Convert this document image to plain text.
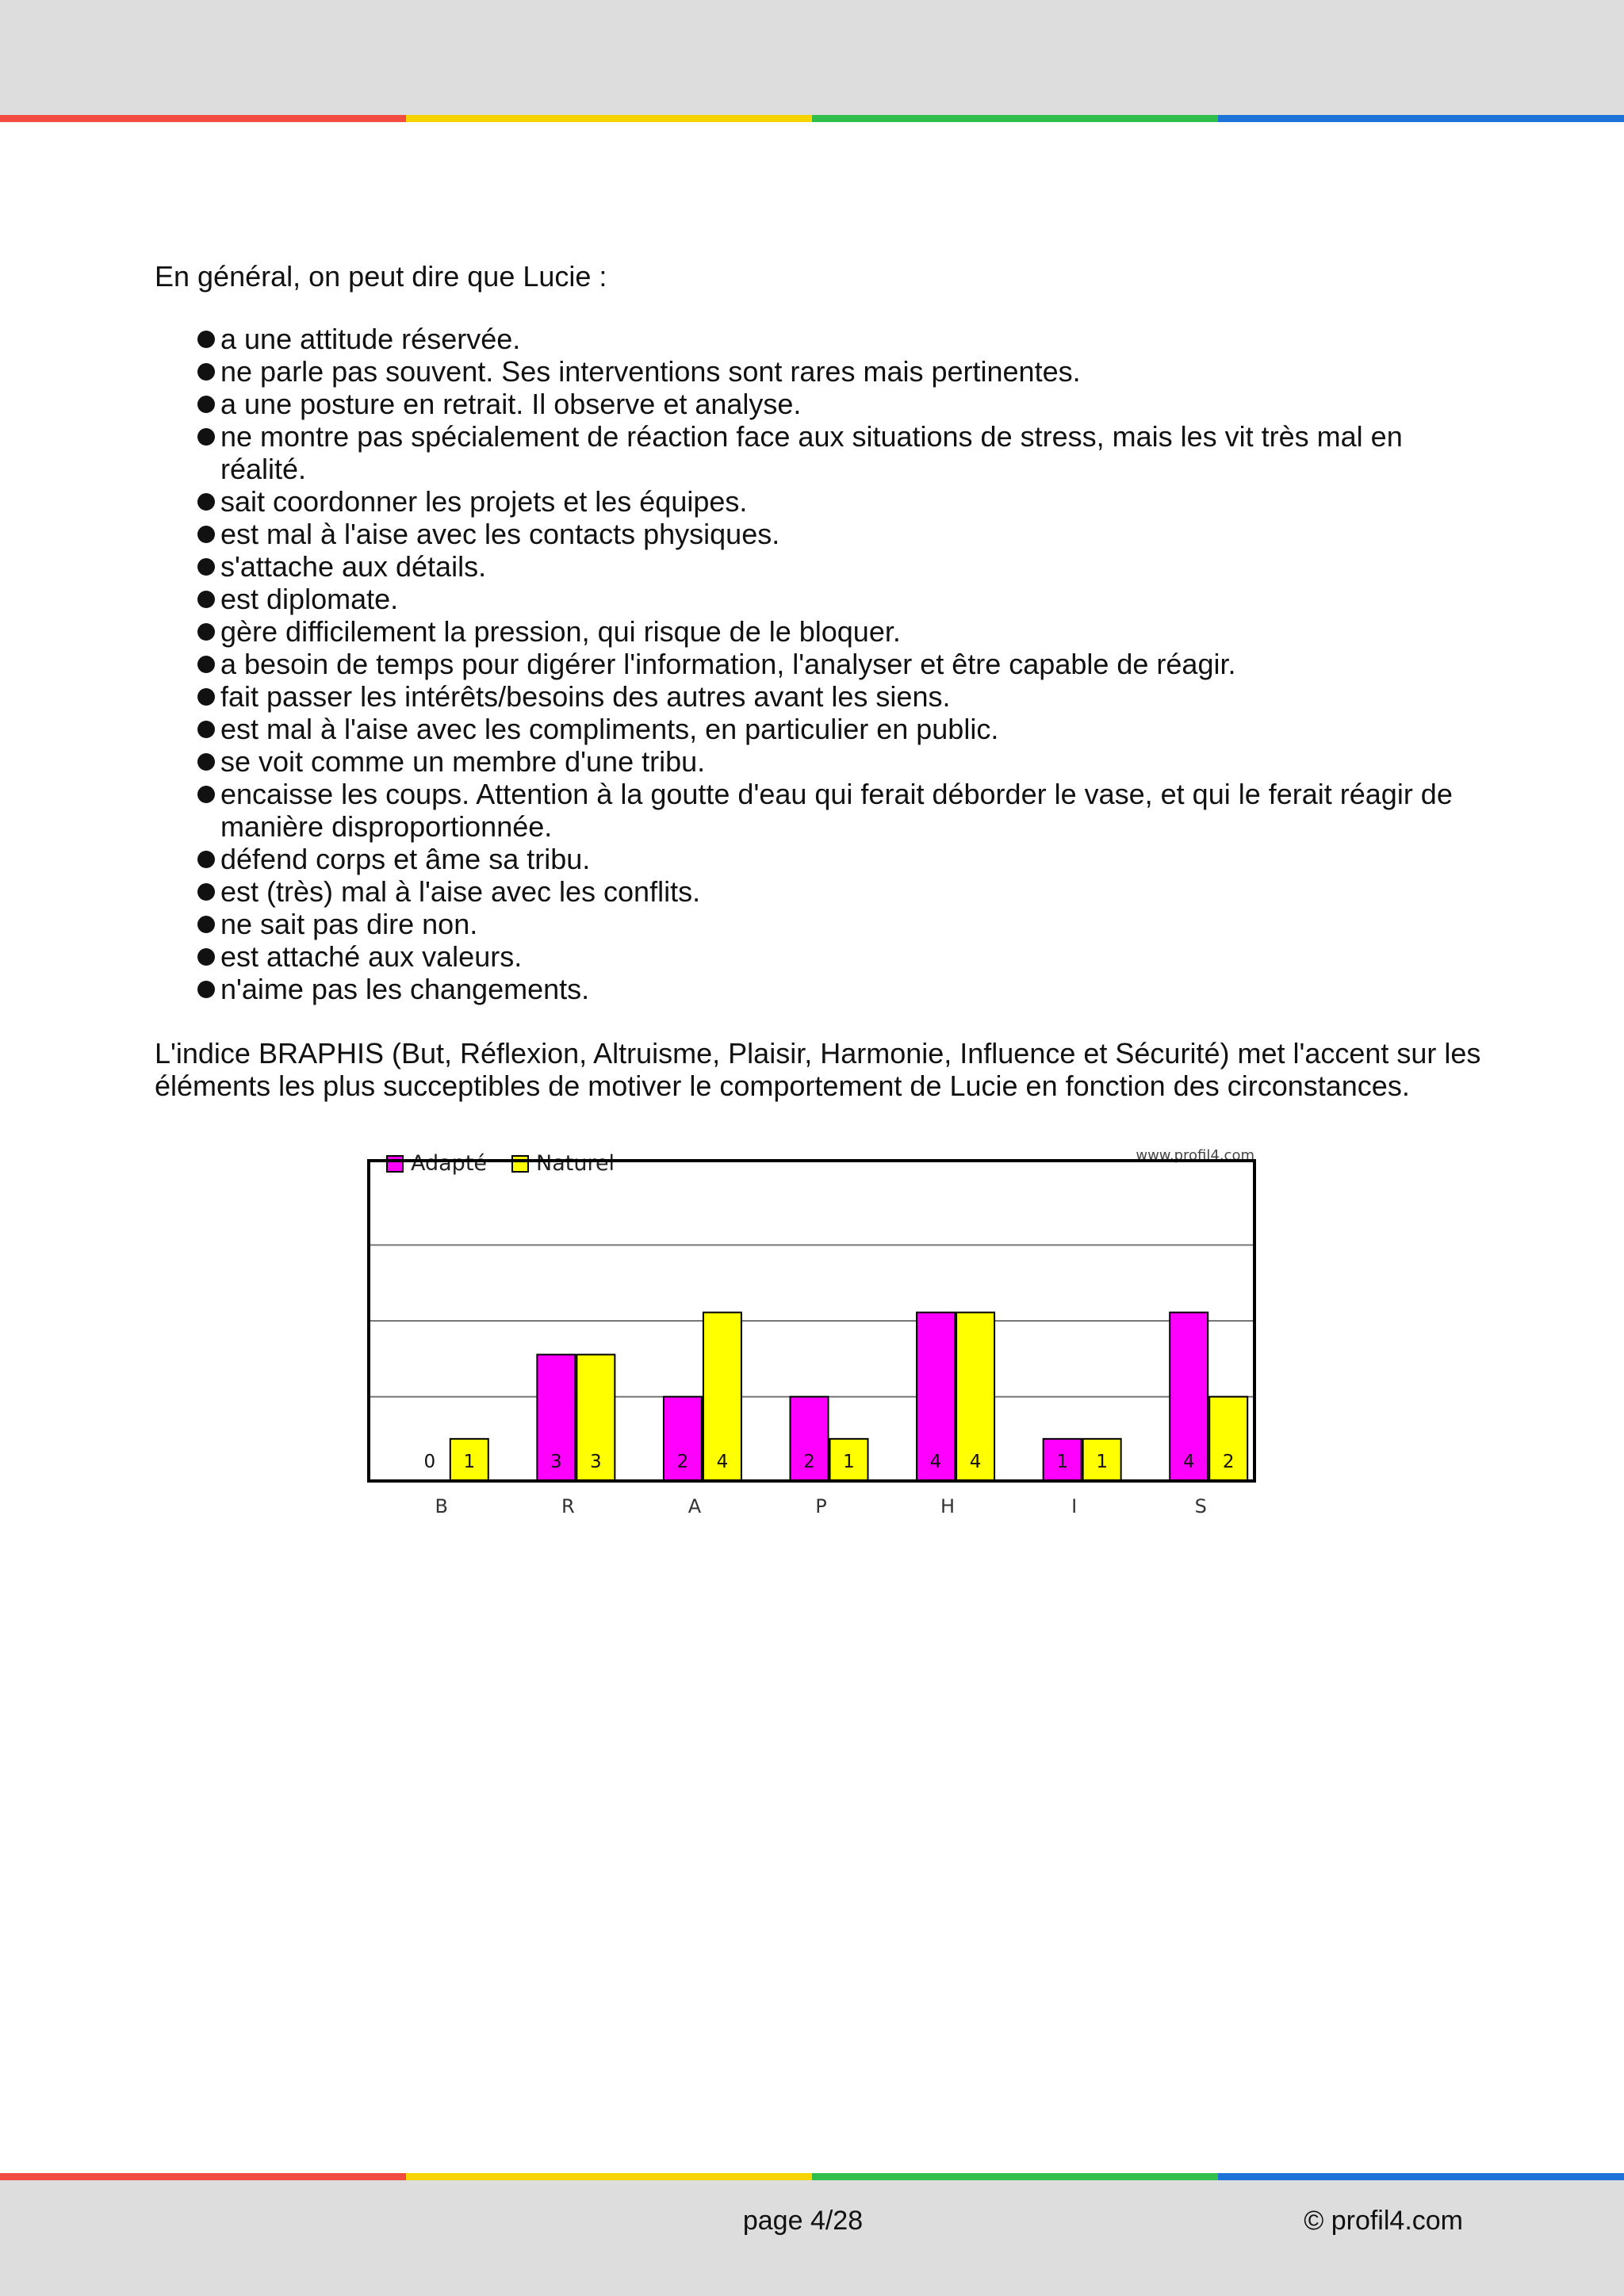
En général, on peut dire que Lucie :

a une attitude réservée.
ne parle pas souvent. Ses interventions sont rares mais pertinentes.
a une posture en retrait. Il observe et analyse.
ne montre pas spécialement de réaction face aux situations de stress, mais les vit très mal en réalité.
sait coordonner les projets et les équipes.
est mal à l'aise avec les contacts physiques.
s'attache aux détails.
est diplomate.
gère difficilement la pression, qui risque de le bloquer.
a besoin de temps pour digérer l'information, l'analyser et être capable de réagir.
fait passer les intérêts/besoins des autres avant les siens.
est mal à l'aise avec les compliments, en particulier en public.
se voit comme un membre d'une tribu.
encaisse les coups. Attention à la goutte d'eau qui ferait déborder le vase, et qui le ferait réagir de manière disproportionnée.
défend corps et âme sa tribu.
est (très) mal à l'aise avec les conflits.
ne sait pas dire non.
est attaché aux valeurs.
n'aime pas les changements.

L'indice BRAPHIS (But, Réflexion, Altruisme, Plaisir, Harmonie, Influence et Sécurité) met l'accent sur les éléments les plus succeptibles de motiver le comportement de Lucie en fonction des circonstances.

Adapté Naturel	www.profil4.com
0 1
B
3 3
R
2 4
A
2 1
P
4 4
H
1 1
I
4 2
S
page 4/28	© profil4.com
